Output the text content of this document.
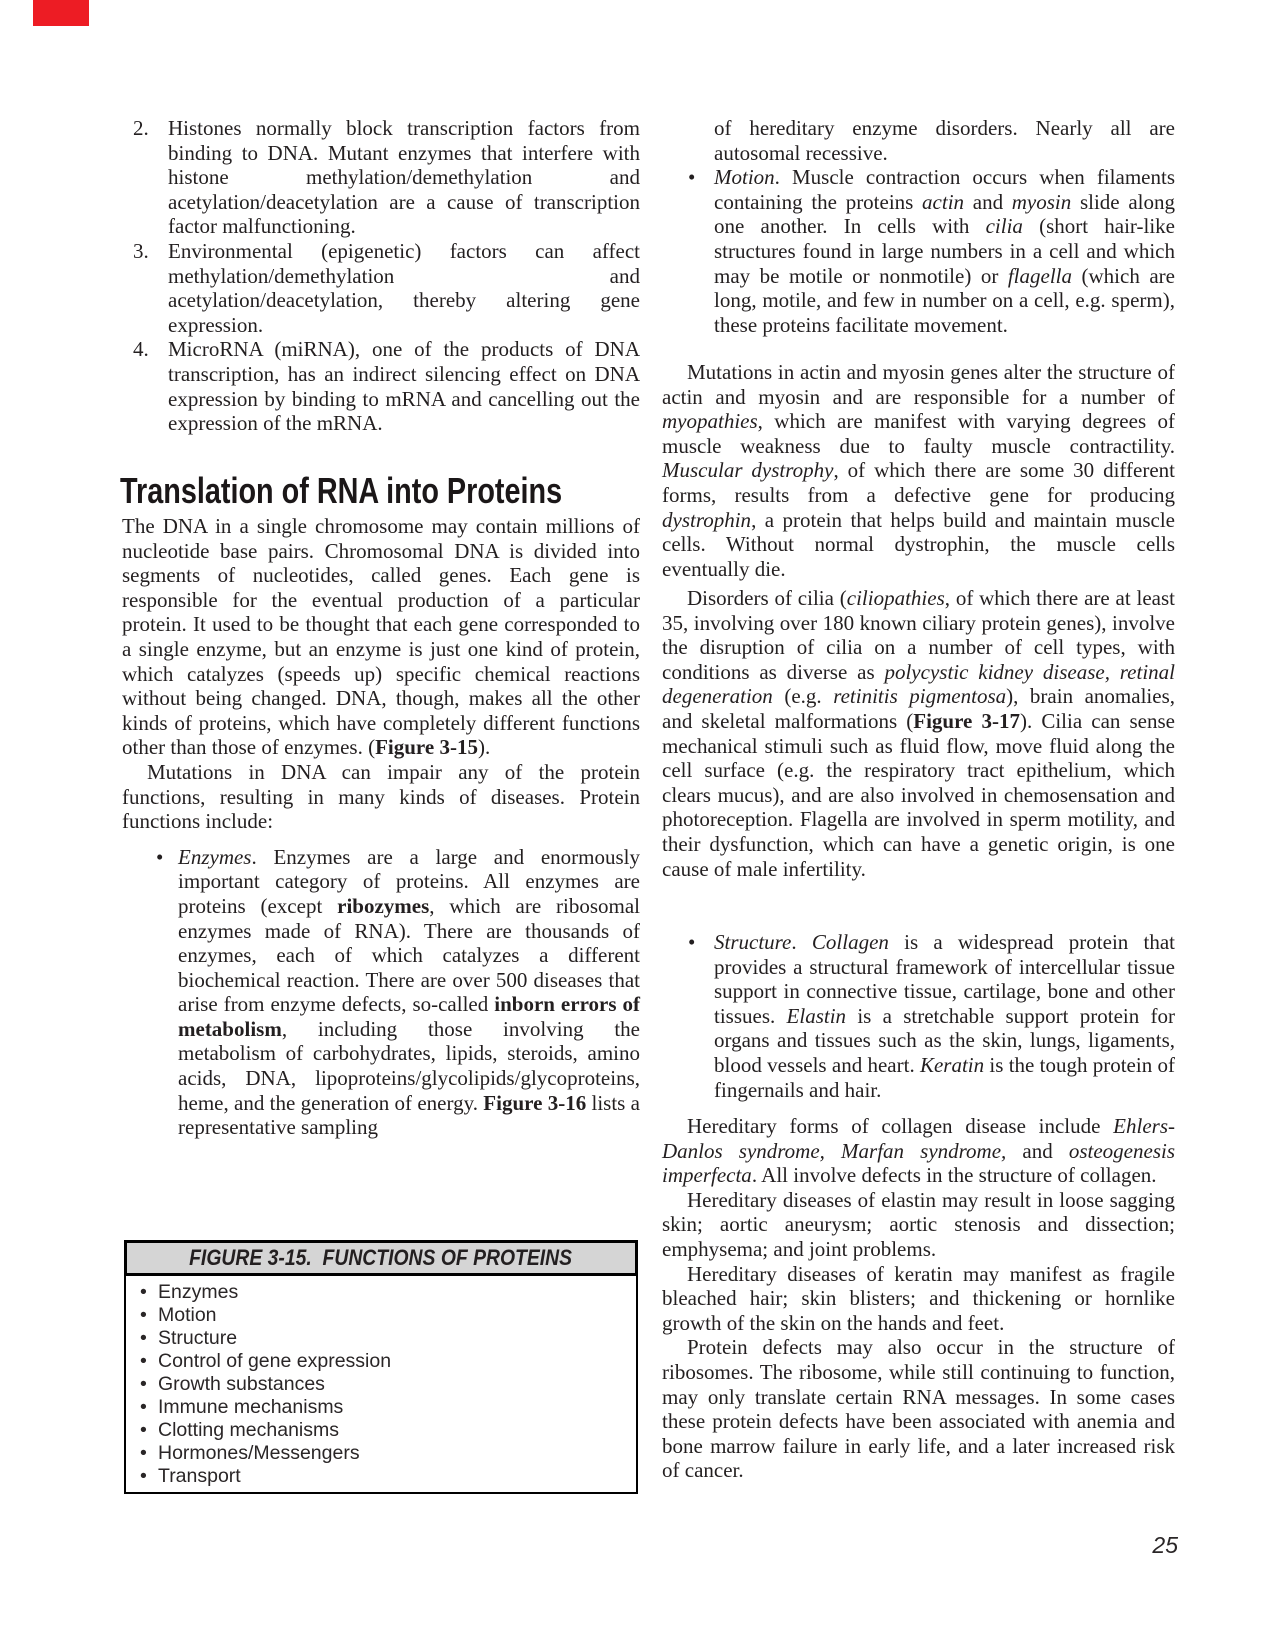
2. Histones normally block transcription factors from binding to DNA. Mutant enzymes that interfere with histone methylation/demethylation and acetylation/deacetylation are a cause of transcription factor malfunctioning.
3. Environmental (epigenetic) factors can affect methylation/demethylation and acetylation/deacetylation, thereby altering gene expression.
4. MicroRNA (miRNA), one of the products of DNA transcription, has an indirect silencing effect on DNA expression by binding to mRNA and cancelling out the expression of the mRNA.
Translation of RNA into Proteins

The DNA in a single chromosome may contain millions of nucleotide base pairs. Chromosomal DNA is divided into segments of nucleotides, called genes. Each gene is responsible for the eventual production of a particular protein. It used to be thought that each gene corresponded to a single enzyme, but an enzyme is just one kind of protein, which catalyzes (speeds up) specific chemical reactions without being changed. DNA, though, makes all the other kinds of proteins, which have completely different functions other than those of enzymes. (Figure 3-15).

Mutations in DNA can impair any of the protein functions, resulting in many kinds of diseases. Protein functions include:

• Enzymes. Enzymes are a large and enormously important category of proteins. All enzymes are proteins (except ribozymes, which are ribosomal enzymes made of RNA). There are thousands of enzymes, each of which catalyzes a different biochemical reaction. There are over 500 diseases that arise from enzyme defects, so-called inborn errors of metabolism, including those involving the metabolism of carbohydrates, lipids, steroids, amino acids, DNA, lipoproteins/glycolipids/glycoproteins, heme, and the generation of energy. Figure 3-16 lists a representative sampling
FIGURE 3-15.  FUNCTIONS OF PROTEINS
• Enzymes
• Motion
• Structure
• Control of gene expression
• Growth substances
• Immune mechanisms
• Clotting mechanisms
• Hormones/Messengers
• Transport
of hereditary enzyme disorders. Nearly all are autosomal recessive.
• Motion. Muscle contraction occurs when filaments containing the proteins actin and myosin slide along one another. In cells with cilia (short hair-like structures found in large numbers in a cell and which may be motile or nonmotile) or flagella (which are long, motile, and few in number on a cell, e.g. sperm), these proteins facilitate movement.

Mutations in actin and myosin genes alter the structure of actin and myosin and are responsible for a number of myopathies, which are manifest with varying degrees of muscle weakness due to faulty muscle contractility. Muscular dystrophy, of which there are some 30 different forms, results from a defective gene for producing dystrophin, a protein that helps build and maintain muscle cells. Without normal dystrophin, the muscle cells eventually die.

Disorders of cilia (ciliopathies, of which there are at least 35, involving over 180 known ciliary protein genes), involve the disruption of cilia on a number of cell types, with conditions as diverse as polycystic kidney disease, retinal degeneration (e.g. retinitis pigmentosa), brain anomalies, and skeletal malformations (Figure 3-17). Cilia can sense mechanical stimuli such as fluid flow, move fluid along the cell surface (e.g. the respiratory tract epithelium, which clears mucus), and are also involved in chemosensation and photoreception. Flagella are involved in sperm motility, and their dysfunction, which can have a genetic origin, is one cause of male infertility.

• Structure. Collagen is a widespread protein that provides a structural framework of intercellular tissue support in connective tissue, cartilage, bone and other tissues. Elastin is a stretchable support protein for organs and tissues such as the skin, lungs, ligaments, blood vessels and heart. Keratin is the tough protein of fingernails and hair.

Hereditary forms of collagen disease include Ehlers-Danlos syndrome, Marfan syndrome, and osteogenesis imperfecta. All involve defects in the structure of collagen.

Hereditary diseases of elastin may result in loose sagging skin; aortic aneurysm; aortic stenosis and dissection; emphysema; and joint problems.

Hereditary diseases of keratin may manifest as fragile bleached hair; skin blisters; and thickening or hornlike growth of the skin on the hands and feet.

Protein defects may also occur in the structure of ribosomes. The ribosome, while still continuing to function, may only translate certain RNA messages. In some cases these protein defects have been associated with anemia and bone marrow failure in early life, and a later increased risk of cancer.

25
